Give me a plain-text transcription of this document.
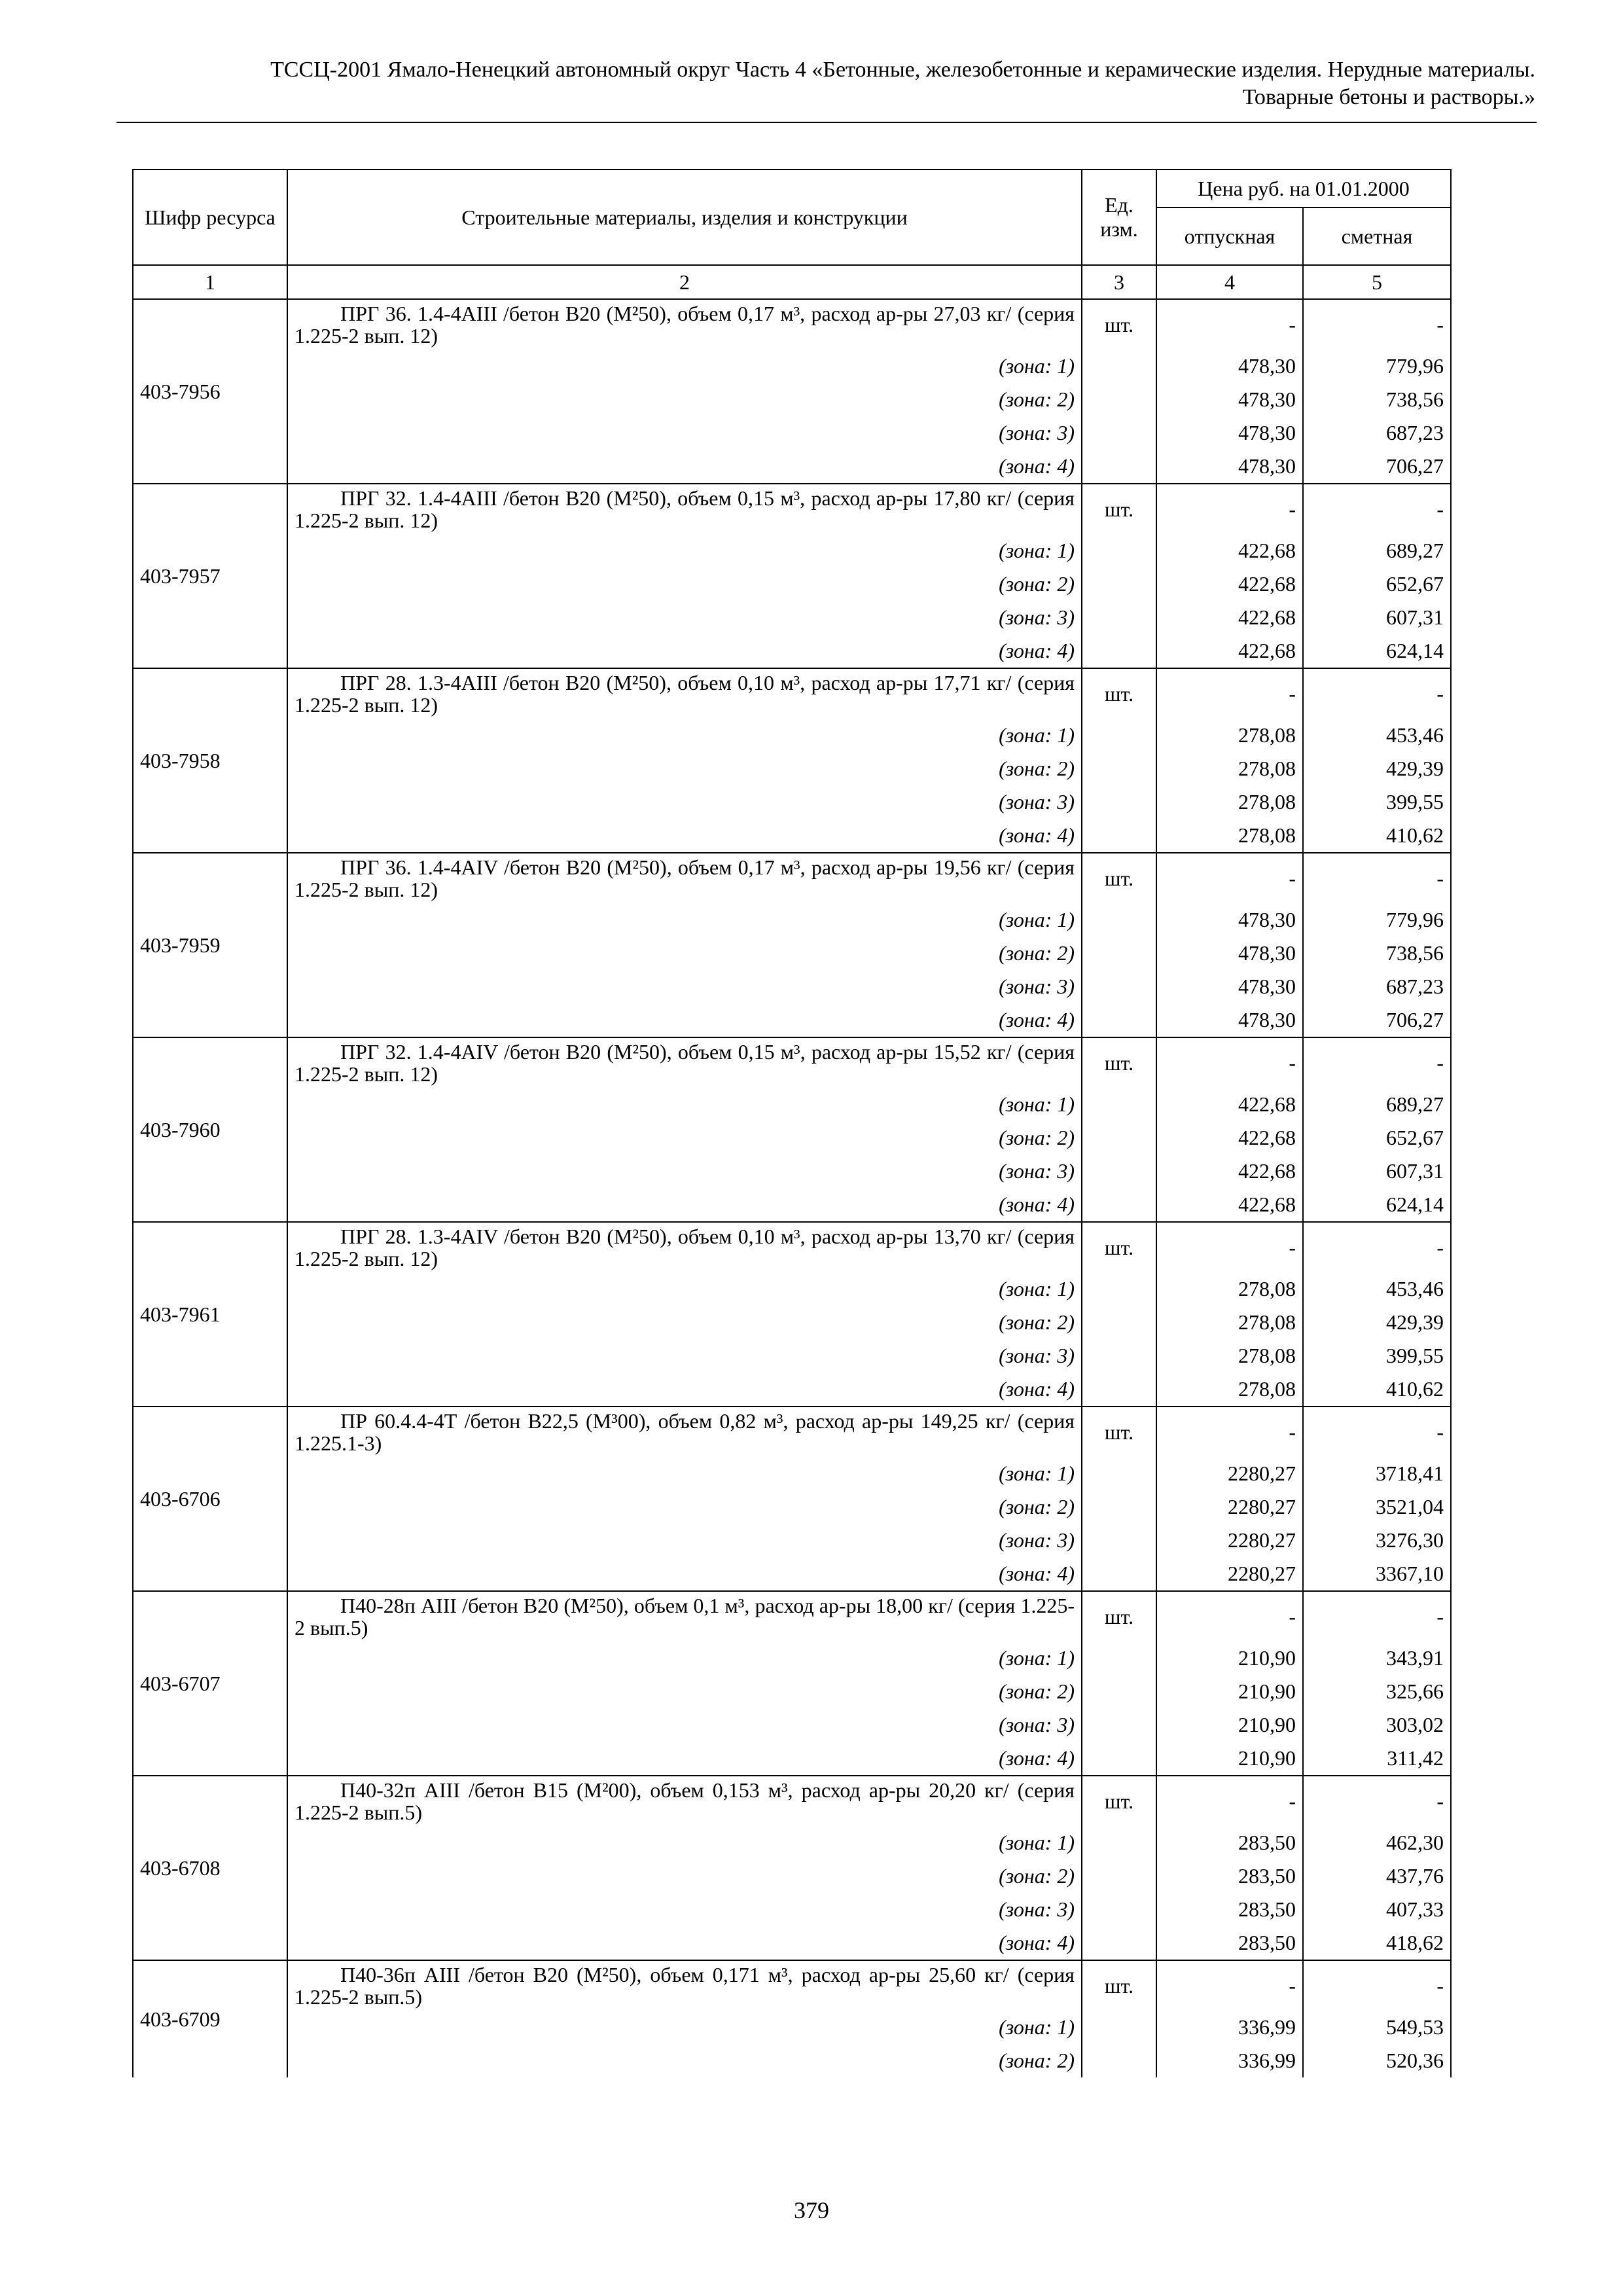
ТССЦ-2001 Ямало-Ненецкий автономный округ Часть 4 «Бетонные, железобетонные и керамические изделия. Нерудные материалы.
Товарные бетоны и растворы.»
Шифр ресурса	Строительные материалы, изделия и конструкции	Ед. изм.	Цена руб. на 01.01.2000	
			отпускная	сметная
1	2	3	4	5
403-7956	ПРГ 36. 1.4-4АIII /бетон В20 (М²50), объем 0,17 м³, расход ар-ры 27,03 кг/ (серия 1.225-2 вып. 12)	шт.	-	-
	(зона: 1)		478,30	779,96
	(зона: 2)		478,30	738,56
	(зона: 3)		478,30	687,23
	(зона: 4)		478,30	706,27
403-7957	ПРГ 32. 1.4-4АIII /бетон В20 (М²50), объем 0,15 м³, расход ар-ры 17,80 кг/ (серия 1.225-2 вып. 12)	шт.	-	-
	(зона: 1)		422,68	689,27
	(зона: 2)		422,68	652,67
	(зона: 3)		422,68	607,31
	(зона: 4)		422,68	624,14
403-7958	ПРГ 28. 1.3-4АIII /бетон В20 (М²50), объем 0,10 м³, расход ар-ры 17,71 кг/ (серия 1.225-2 вып. 12)	шт.	-	-
	(зона: 1)		278,08	453,46
	(зона: 2)		278,08	429,39
	(зона: 3)		278,08	399,55
	(зона: 4)		278,08	410,62
403-7959	ПРГ 36. 1.4-4АIV /бетон В20 (М²50), объем 0,17 м³, расход ар-ры 19,56 кг/ (серия 1.225-2 вып. 12)	шт.	-	-
	(зона: 1)		478,30	779,96
	(зона: 2)		478,30	738,56
	(зона: 3)		478,30	687,23
	(зона: 4)		478,30	706,27
403-7960	ПРГ 32. 1.4-4АIV /бетон В20 (М²50), объем 0,15 м³, расход ар-ры 15,52 кг/ (серия 1.225-2 вып. 12)	шт.	-	-
	(зона: 1)		422,68	689,27
	(зона: 2)		422,68	652,67
	(зона: 3)		422,68	607,31
	(зона: 4)		422,68	624,14
403-7961	ПРГ 28. 1.3-4АIV /бетон В20 (М²50), объем 0,10 м³, расход ар-ры 13,70 кг/ (серия 1.225-2 вып. 12)	шт.	-	-
	(зона: 1)		278,08	453,46
	(зона: 2)		278,08	429,39
	(зона: 3)		278,08	399,55
	(зона: 4)		278,08	410,62
403-6706	ПР 60.4.4-4Т /бетон В22,5 (М³00), объем 0,82 м³, расход ар-ры 149,25 кг/ (серия 1.225.1-3)	шт.	-	-
	(зона: 1)		2280,27	3718,41
	(зона: 2)		2280,27	3521,04
	(зона: 3)		2280,27	3276,30
	(зона: 4)		2280,27	3367,10
403-6707	П40-28п АIII /бетон В20 (М²50), объем 0,1 м³, расход ар-ры 18,00 кг/ (серия 1.225-2 вып.5)	шт.	-	-
	(зона: 1)		210,90	343,91
	(зона: 2)		210,90	325,66
	(зона: 3)		210,90	303,02
	(зона: 4)		210,90	311,42
403-6708	П40-32п АIII /бетон В15 (М²00), объем 0,153 м³, расход ар-ры 20,20 кг/ (серия 1.225-2 вып.5)	шт.	-	-
	(зона: 1)		283,50	462,30
	(зона: 2)		283,50	437,76
	(зона: 3)		283,50	407,33
	(зона: 4)		283,50	418,62
403-6709	П40-36п АIII /бетон В20 (М²50), объем 0,171 м³, расход ар-ры 25,60 кг/ (серия 1.225-2 вып.5)	шт.	-	-
	(зона: 1)		336,99	549,53
	(зона: 2)		336,99	520,36
379
